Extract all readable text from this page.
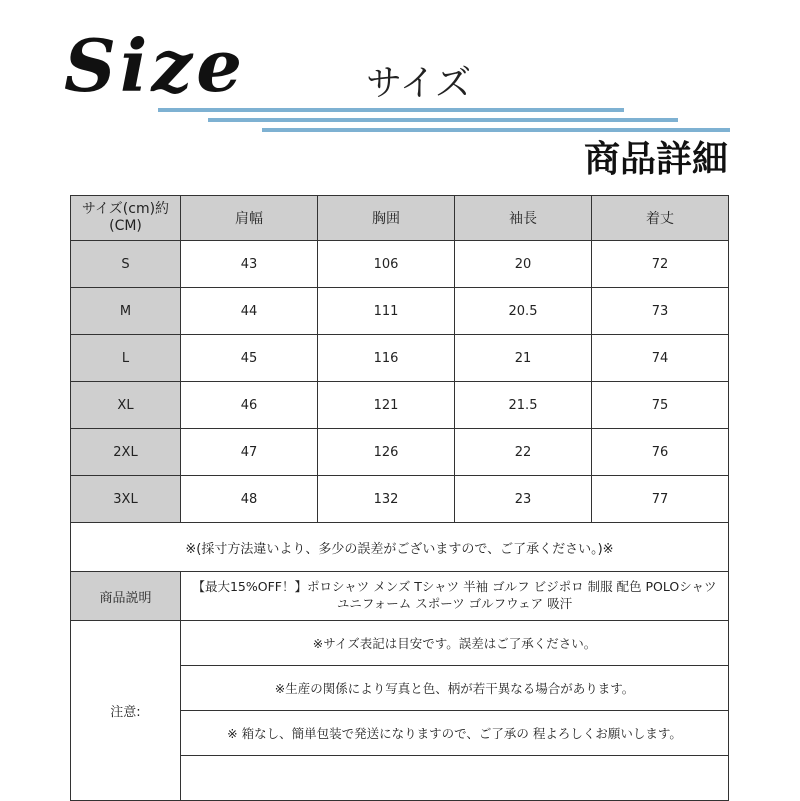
Size	サイズ
商品詳細
サイズ(cm)約(CM)	肩幅	胸囲	袖長	着丈
S	43	106	20	72
M	44	111	20.5	73
L	45	116	21	74
XL	46	121	21.5	75
2XL	47	126	22	76
3XL	48	132	23	77
※(採寸方法違いより、多少の誤差がございますので、ご了承ください。)※				
商品説明	【最大15%OFF！】ポロシャツ メンズ Tシャツ 半袖 ゴルフ ビジポロ 制服 配色 POLOシャツ ユニフォーム スポーツ ゴルフウェア 吸汗			
注意:	※サイズ表記は目安です。誤差はご了承ください。			
	※生産の関係により写真と色、柄が若干異なる場合があります。			
	※ 箱なし、簡単包装で発送になりますので、ご了承の 程よろしくお願いします。			
